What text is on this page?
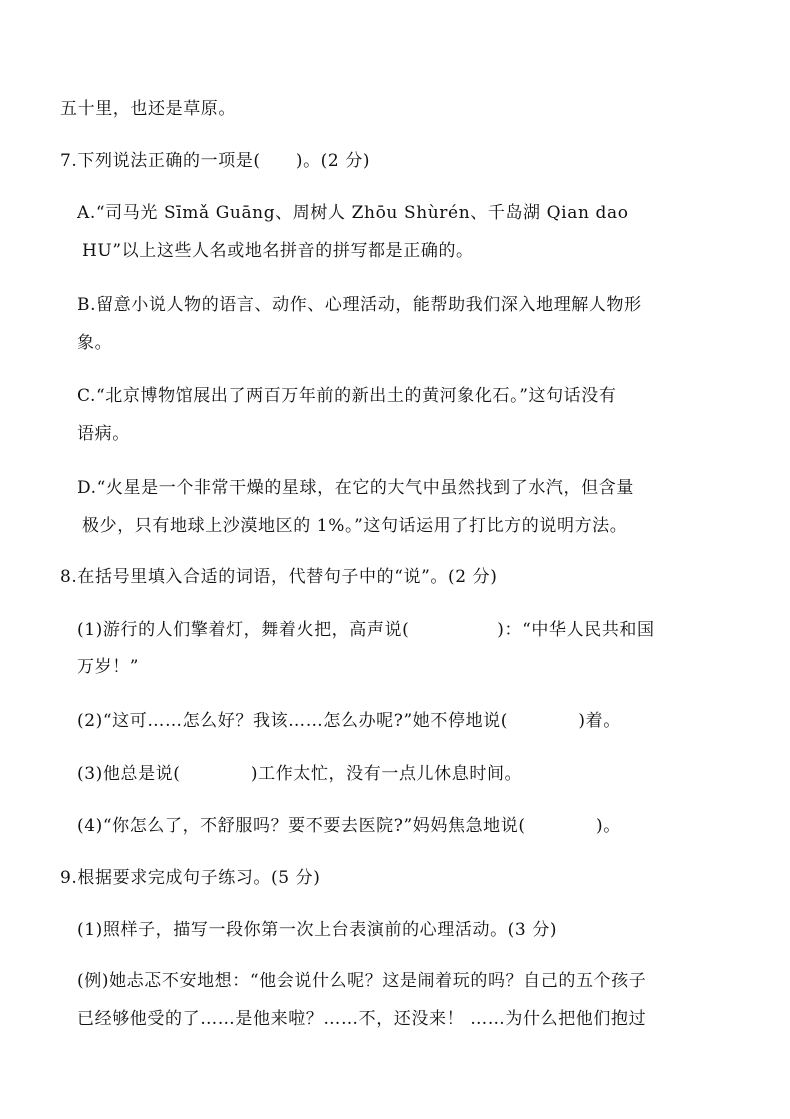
五十里，也还是草原。
7.下列说法正确的一项是(　　)。(2 分)
A.“司马光 Sīmǎ Guāng、周树人 Zhōu Shùrén、千岛湖 Qian dao
HU”以上这些人名或地名拼音的拼写都是正确的。
B.留意小说人物的语言、动作、心理活动，能帮助我们深入地理解人物形
象。
C.“北京博物馆展出了两百万年前的新出土的黄河象化石。”这句话没有
语病。
D.“火星是一个非常干燥的星球，在它的大气中虽然找到了水汽，但含量
极少，只有地球上沙漠地区的 1%。”这句话运用了打比方的说明方法。
8.在括号里填入合适的词语，代替句子中的“说”。(2 分)
(1)游行的人们擎着灯，舞着火把，高声说(　　　　　)：“中华人民共和国
万岁！”
(2)“这可……怎么好？我该……怎么办呢?”她不停地说(　　　　)着。
(3)他总是说(　　　　)工作太忙，没有一点儿休息时间。
(4)“你怎么了，不舒服吗？要不要去医院?”妈妈焦急地说(　　　　)。
9.根据要求完成句子练习。(5 分)
(1)照样子，描写一段你第一次上台表演前的心理活动。(3 分)
(例)她忐忑不安地想：“他会说什么呢？这是闹着玩的吗？自己的五个孩子
已经够他受的了……是他来啦？……不，还没来！ ……为什么把他们抱过
